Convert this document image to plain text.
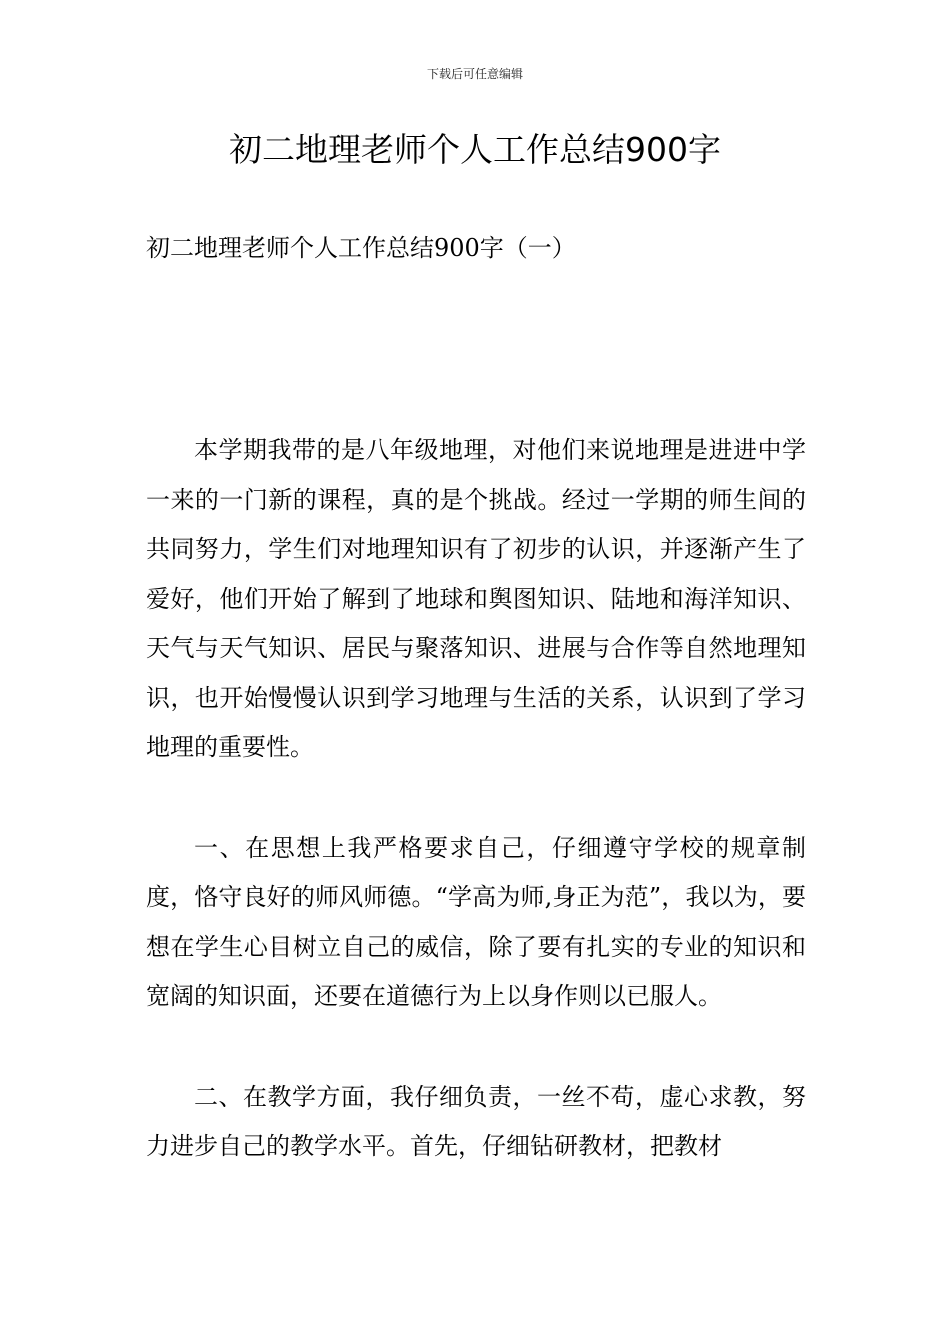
下载后可任意编辑
初二地理老师个人工作总结900字
初二地理老师个人工作总结900字（一）

本学期我带的是八年级地理，对他们来说地理是进进中学一来的一门新的课程，真的是个挑战。经过一学期的师生间的共同努力，学生们对地理知识有了初步的认识，并逐渐产生了爱好，他们开始了解到了地球和舆图知识、陆地和海洋知识、天气与天气知识、居民与聚落知识、进展与合作等自然地理知识，也开始慢慢认识到学习地理与生活的关系，认识到了学习地理的重要性。

一、在思想上我严格要求自己，仔细遵守学校的规章制度，恪守良好的师风师德。“学高为师,身正为范”，我以为，要想在学生心目树立自己的威信，除了要有扎实的专业的知识和宽阔的知识面，还要在道德行为上以身作则以已服人。

二、在教学方面，我仔细负责，一丝不苟，虚心求教，努力进步自己的教学水平。首先，仔细钻研教材，把教材
